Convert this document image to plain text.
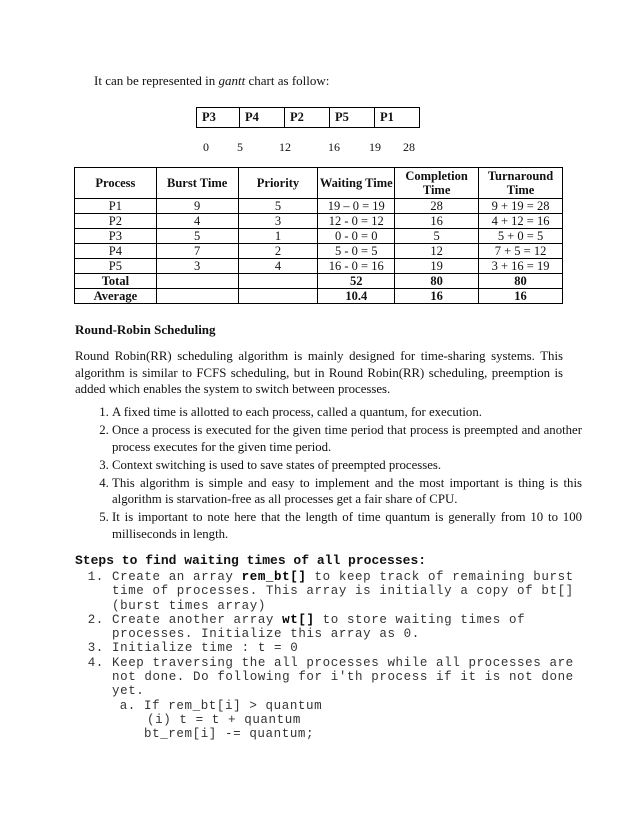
It can be represented in gantt chart as follow:
P3	P4	P2	P5	P1
0 5	12	16 19 28
Process	Burst Time	Priority	Waiting Time	Completion Time	Turnaround Time
P1	9	5	19 – 0 = 19	28	9 + 19 = 28
P2	4	3	12 - 0 = 12	16	4 + 12 = 16
P3	5	1	0 - 0 = 0	5	5 + 0 = 5
P4	7	2	5 - 0 = 5	12	7 + 5 = 12
P5	3	4	16 - 0 = 16	19	3 + 16 = 19
Total			52	80	80
Average			10.4	16	16
Round-Robin Scheduling
Round Robin(RR) scheduling algorithm is mainly designed for time-sharing systems. This algorithm is similar to FCFS scheduling, but in Round Robin(RR) scheduling, preemption is added which enables the system to switch between processes.
1. A fixed time is allotted to each process, called a quantum, for execution.
2. Once a process is executed for the given time period that process is preempted and another process executes for the given time period.
3. Context switching is used to save states of preempted processes.
4. This algorithm is simple and easy to implement and the most important is thing is this algorithm is starvation-free as all processes get a fair share of CPU.
5. It is important to note here that the length of time quantum is generally from 10 to 100 milliseconds in length.
Steps to find waiting times of all processes:
1. Create an array rem_bt[] to keep track of remaining burst time of processes. This array is initially a copy of bt[] (burst times array)
2. Create another array wt[] to store waiting times of processes. Initialize this array as 0.
3. Initialize time : t = 0
4. Keep traversing the all processes while all processes are not done. Do following for i'th process if it is not done yet.
a. If rem_bt[i] > quantum
(i) t = t + quantum
bt_rem[i] -= quantum;
